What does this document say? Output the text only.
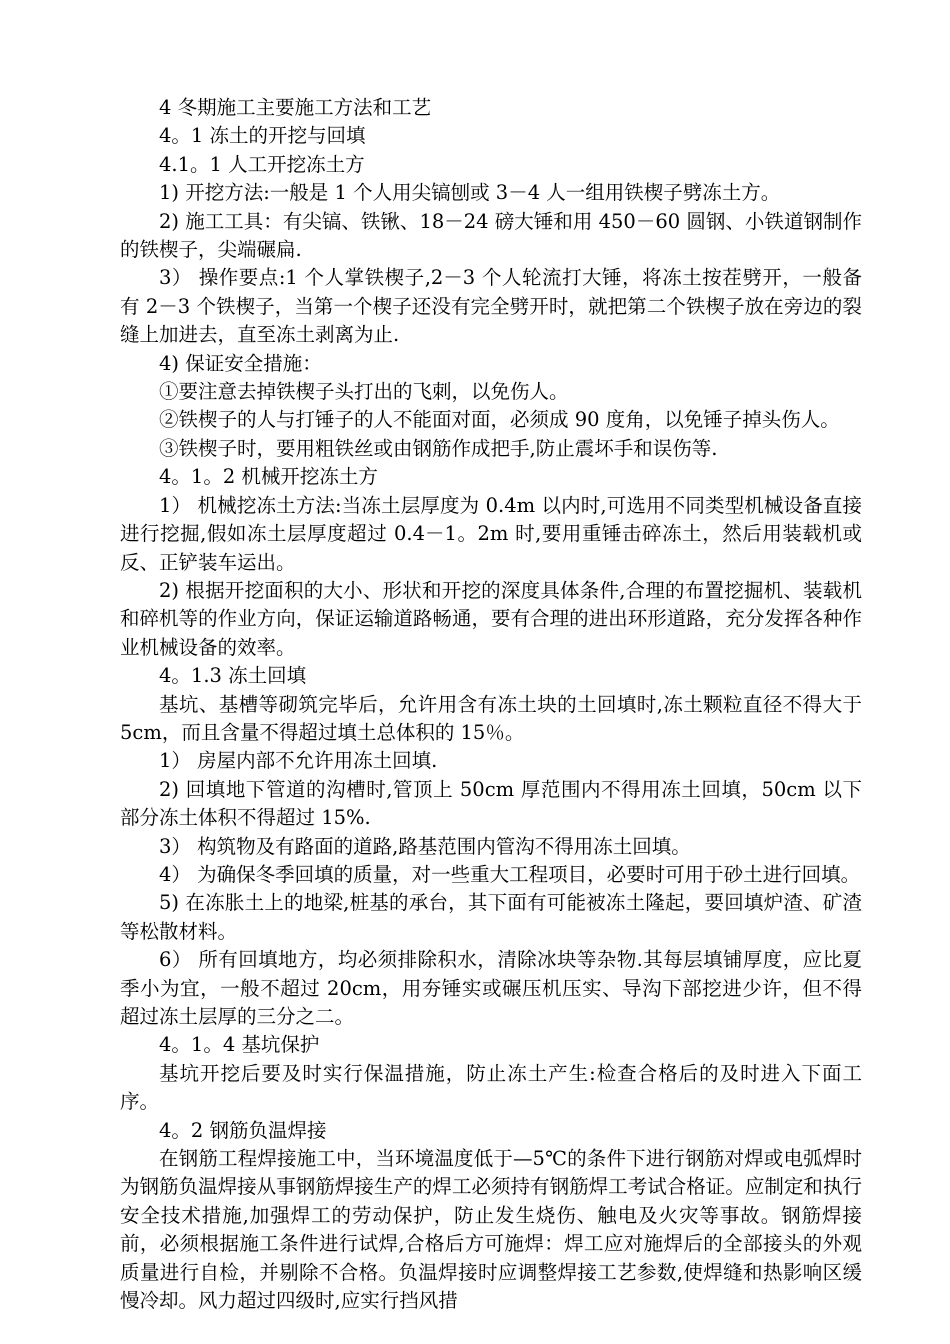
4 冬期施工主要施工方法和工艺

4。1 冻土的开挖与回填

4.1。1 人工开挖冻土方

1) 开挖方法:一般是 1 个人用尖镐刨或 3－4 人一组用铁楔子劈冻土方。

2) 施工工具：有尖镐、铁锹、18－24 磅大锤和用 450－60 圆钢、小铁道钢制作的铁楔子，尖端碾扁.

3） 操作要点:1 个人掌铁楔子,2－3 个人轮流打大锤，将冻土按茬劈开，一般备有 2－3 个铁楔子，当第一个楔子还没有完全劈开时，就把第二个铁楔子放在旁边的裂缝上加进去，直至冻土剥离为止.

4) 保证安全措施：

①要注意去掉铁楔子头打出的飞刺，以免伤人。

②铁楔子的人与打锤子的人不能面对面，必须成 90 度角，以免锤子掉头伤人。

③铁楔子时，要用粗铁丝或由钢筋作成把手,防止震坏手和误伤等.

4。1。2 机械开挖冻土方

1） 机械挖冻土方法:当冻土层厚度为 0.4m 以内时,可选用不同类型机械设备直接进行挖掘,假如冻土层厚度超过 0.4－1。2m 时,要用重锤击碎冻土，然后用装载机或反、正铲装车运出。

2) 根据开挖面积的大小、形状和开挖的深度具体条件,合理的布置挖掘机、装载机和碎机等的作业方向，保证运输道路畅通，要有合理的进出环形道路，充分发挥各种作业机械设备的效率。

4。1.3 冻土回填

基坑、基槽等砌筑完毕后，允许用含有冻土块的土回填时,冻土颗粒直径不得大于 5cm，而且含量不得超过填土总体积的 15％。

1） 房屋内部不允许用冻土回填.

2) 回填地下管道的沟槽时,管顶上 50cm 厚范围内不得用冻土回填，50cm 以下部分冻土体积不得超过 15%.

3） 构筑物及有路面的道路,路基范围内管沟不得用冻土回填。

4） 为确保冬季回填的质量，对一些重大工程项目，必要时可用于砂土进行回填。

5) 在冻胀土上的地梁,桩基的承台，其下面有可能被冻土隆起，要回填炉渣、矿渣等松散材料。

6） 所有回填地方，均必须排除积水，清除冰块等杂物.其每层填铺厚度，应比夏季小为宜，一般不超过 20cm，用夯锤实或碾压机压实、导沟下部挖进少许，但不得超过冻土层厚的三分之二。

4。1。4 基坑保护

基坑开挖后要及时实行保温措施，防止冻土产生:检查合格后的及时进入下面工序。

4。2 钢筋负温焊接

在钢筋工程焊接施工中，当环境温度低于—5℃的条件下进行钢筋对焊或电弧焊时为钢筋负温焊接从事钢筋焊接生产的焊工必须持有钢筋焊工考试合格证。应制定和执行安全技术措施,加强焊工的劳动保护，防止发生烧伤、触电及火灾等事故。钢筋焊接前，必须根据施工条件进行试焊,合格后方可施焊：焊工应对施焊后的全部接头的外观质量进行自检，并剔除不合格。负温焊接时应调整焊接工艺参数,使焊缝和热影响区缓慢冷却。风力超过四级时,应实行挡风措
